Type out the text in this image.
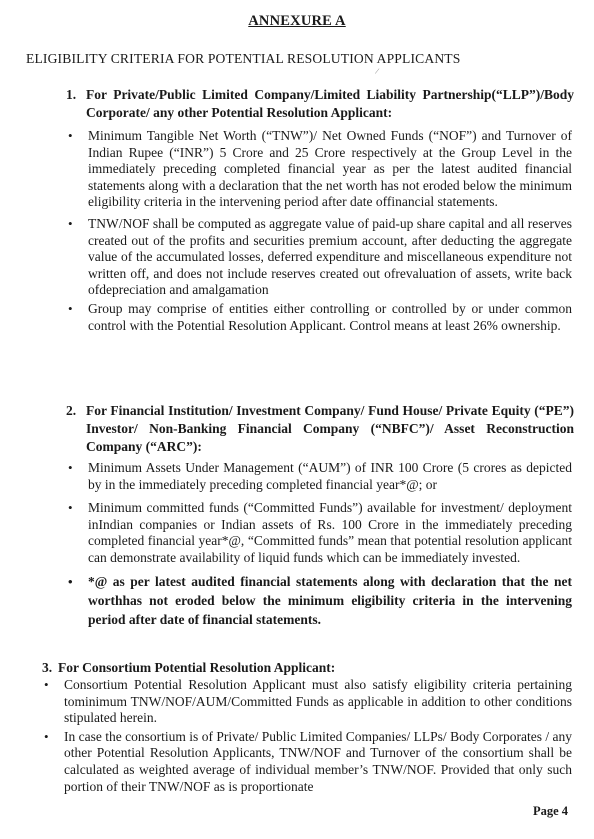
ANNEXURE A
ELIGIBILITY CRITERIA FOR POTENTIAL RESOLUTION APPLICANTS
/
1. For Private/Public Limited Company/Limited Liability Partnership(“LLP”)/Body Corporate/ any other Potential Resolution Applicant:
• Minimum Tangible Net Worth (“TNW”)/ Net Owned Funds (“NOF”) and Turnover of Indian Rupee (“INR”) 5 Crore and 25 Crore respectively at the Group Level in the immediately preceding completed financial year as per the latest audited financial statements along with a declaration that the net worth has not eroded below the minimum eligibility criteria in the intervening period after date offinancial statements.
• TNW/NOF shall be computed as aggregate value of paid-up share capital and all reserves created out of the profits and securities premium account, after deducting the aggregate value of the accumulated losses, deferred expenditure and miscellaneous expenditure not written off, and does not include reserves created out ofrevaluation of assets, write back ofdepreciation and amalgamation
• Group may comprise of entities either controlling or controlled by or under common control with the Potential Resolution Applicant. Control means at least 26% ownership.
2. For Financial Institution/ Investment Company/ Fund House/ Private Equity (“PE”) Investor/ Non-Banking Financial Company (“NBFC”)/ Asset Reconstruction Company (“ARC”):
• Minimum Assets Under Management (“AUM”) of INR 100 Crore (5 crores as depicted by in the immediately preceding completed financial year*@; or
• Minimum committed funds (“Committed Funds”) available for investment/ deployment inIndian companies or Indian assets of Rs. 100 Crore in the immediately preceding completed financial year*@, “Committed funds” mean that potential resolution applicant can demonstrate availability of liquid funds which can be immediately invested.
• *@ as per latest audited financial statements along with declaration that the net worthhas not eroded below the minimum eligibility criteria in the intervening period after date of financial statements.
3. For Consortium Potential Resolution Applicant:
• Consortium Potential Resolution Applicant must also satisfy eligibility criteria pertaining tominimum TNW/NOF/AUM/Committed Funds as applicable in addition to other conditions stipulated herein.
• In case the consortium is of Private/ Public Limited Companies/ LLPs/ Body Corporates / any other Potential Resolution Applicants, TNW/NOF and Turnover of the consortium shall be calculated as weighted average of individual member’s TNW/NOF. Provided that only such portion of their TNW/NOF as is proportionate
Page 4
